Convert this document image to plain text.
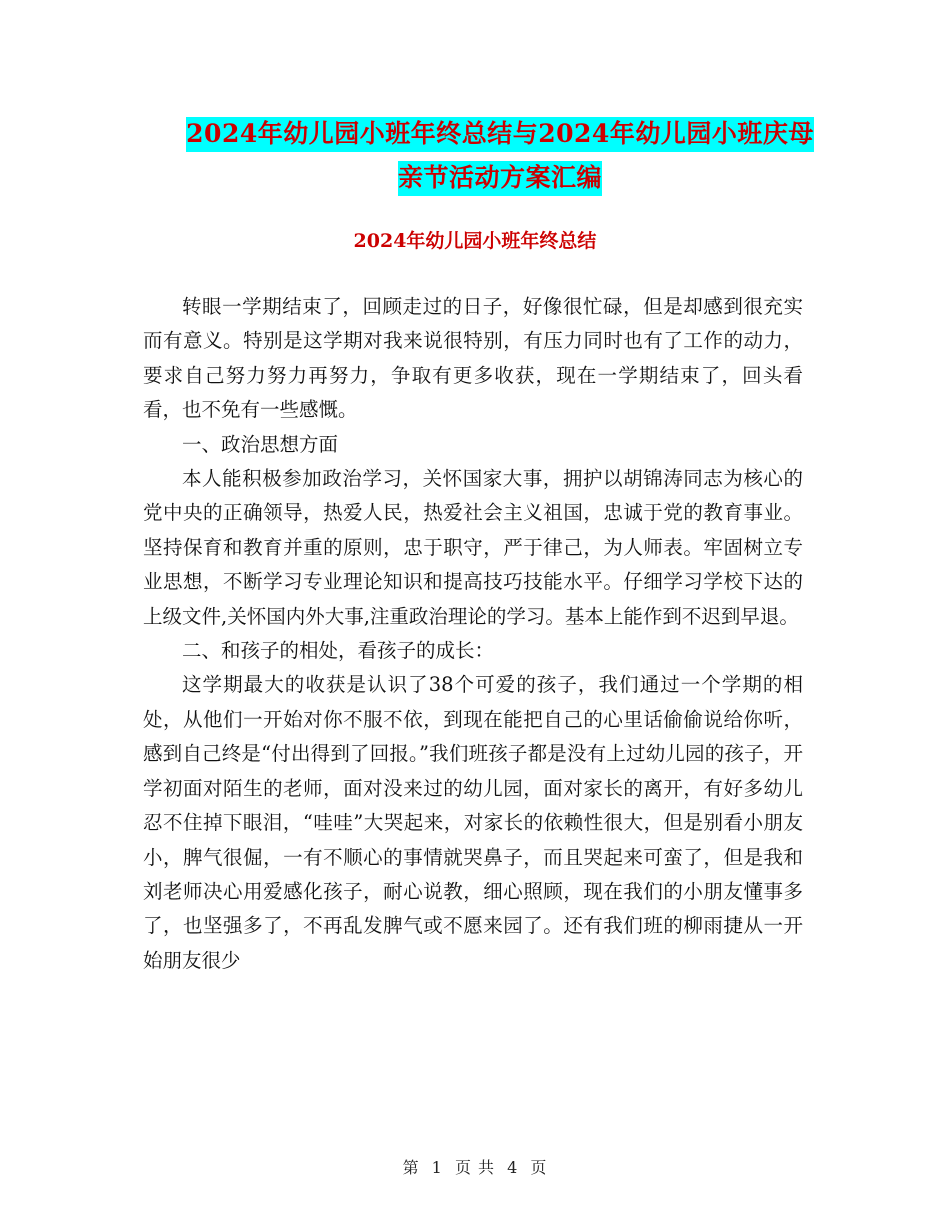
2024年幼儿园小班年终总结与2024年幼儿园小班庆母
亲节活动方案汇编
2024年幼儿园小班年终总结

转眼一学期结束了，回顾走过的日子，好像很忙碌，但是却感到很充实而有意义。特别是这学期对我来说很特别，有压力同时也有了工作的动力，要求自己努力努力再努力，争取有更多收获，现在一学期结束了，回头看看，也不免有一些感慨。

一、政治思想方面

本人能积极参加政治学习，关怀国家大事，拥护以胡锦涛同志为核心的党中央的正确领导，热爱人民，热爱社会主义祖国，忠诚于党的教育事业。坚持保育和教育并重的原则，忠于职守，严于律己，为人师表。牢固树立专业思想，不断学习专业理论知识和提高技巧技能水平。仔细学习学校下达的上级文件,关怀国内外大事,注重政治理论的学习。基本上能作到不迟到早退。

二、和孩子的相处，看孩子的成长：

这学期最大的收获是认识了38个可爱的孩子，我们通过一个学期的相处，从他们一开始对你不服不依，到现在能把自己的心里话偷偷说给你听，感到自己终是“付出得到了回报。”我们班孩子都是没有上过幼儿园的孩子，开学初面对陌生的老师，面对没来过的幼儿园，面对家长的离开，有好多幼儿忍不住掉下眼泪，“哇哇”大哭起来，对家长的依赖性很大，但是别看小朋友小，脾气很倔，一有不顺心的事情就哭鼻子，而且哭起来可蛮了，但是我和刘老师决心用爱感化孩子，耐心说教，细心照顾，现在我们的小朋友懂事多了，也坚强多了，不再乱发脾气或不愿来园了。还有我们班的柳雨捷从一开始朋友很少

第 1 页 共 4 页
